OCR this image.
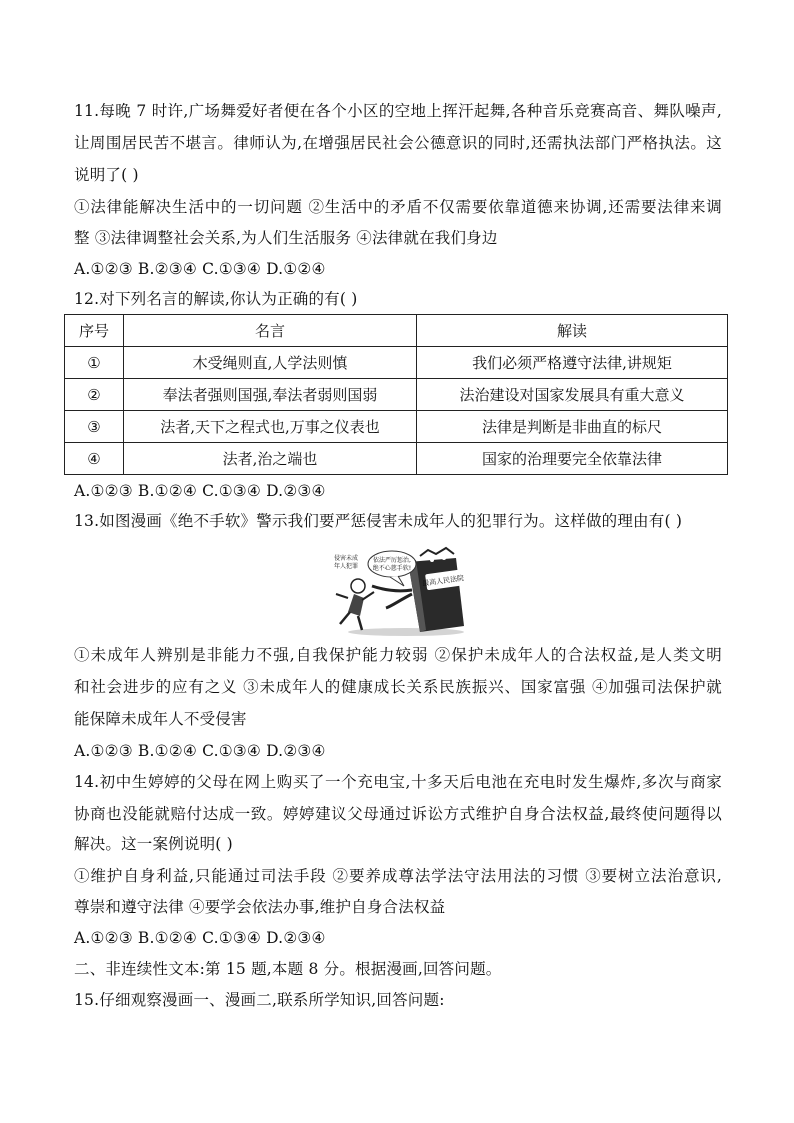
11.每晚 7 时许,广场舞爱好者便在各个小区的空地上挥汗起舞,各种音乐竞赛高音、舞队噪声,
让周围居民苦不堪言。律师认为,在增强居民社会公德意识的同时,还需执法部门严格执法。这
说明了( )
①法律能解决生活中的一切问题 ②生活中的矛盾不仅需要依靠道德来协调,还需要法律来调
整 ③法律调整社会关系,为人们生活服务 ④法律就在我们身边
A.①②③ B.②③④ C.①③④ D.①②④
12.对下列名言的解读,你认为正确的有( )
序号	名言	解读
①	木受绳则直,人学法则慎	我们必须严格遵守法律,讲规矩
②	奉法者强则国强,奉法者弱则国弱	法治建设对国家发展具有重大意义
③	法者,天下之程式也,万事之仪表也	法律是判断是非曲直的标尺
④	法者,治之端也	国家的治理要完全依靠法律
A.①②③ B.①②④ C.①③④ D.②③④
13.如图漫画《绝不手软》警示我们要严惩侵害未成年人的犯罪行为。这样做的理由有( )
最高人民法院
依法严厉惩治,
绝不心慈手软!
侵害未成
年人犯罪
①未成年人辨别是非能力不强,自我保护能力较弱 ②保护未成年人的合法权益,是人类文明
和社会进步的应有之义 ③未成年人的健康成长关系民族振兴、国家富强 ④加强司法保护就
能保障未成年人不受侵害
A.①②③ B.①②④ C.①③④ D.②③④
14.初中生婷婷的父母在网上购买了一个充电宝,十多天后电池在充电时发生爆炸,多次与商家
协商也没能就赔付达成一致。婷婷建议父母通过诉讼方式维护自身合法权益,最终使问题得以
解决。这一案例说明( )
①维护自身利益,只能通过司法手段 ②要养成尊法学法守法用法的习惯 ③要树立法治意识,
尊崇和遵守法律 ④要学会依法办事,维护自身合法权益
A.①②③ B.①②④ C.①③④ D.②③④
二、非连续性文本:第 15 题,本题 8 分。根据漫画,回答问题。
15.仔细观察漫画一、漫画二,联系所学知识,回答问题:
